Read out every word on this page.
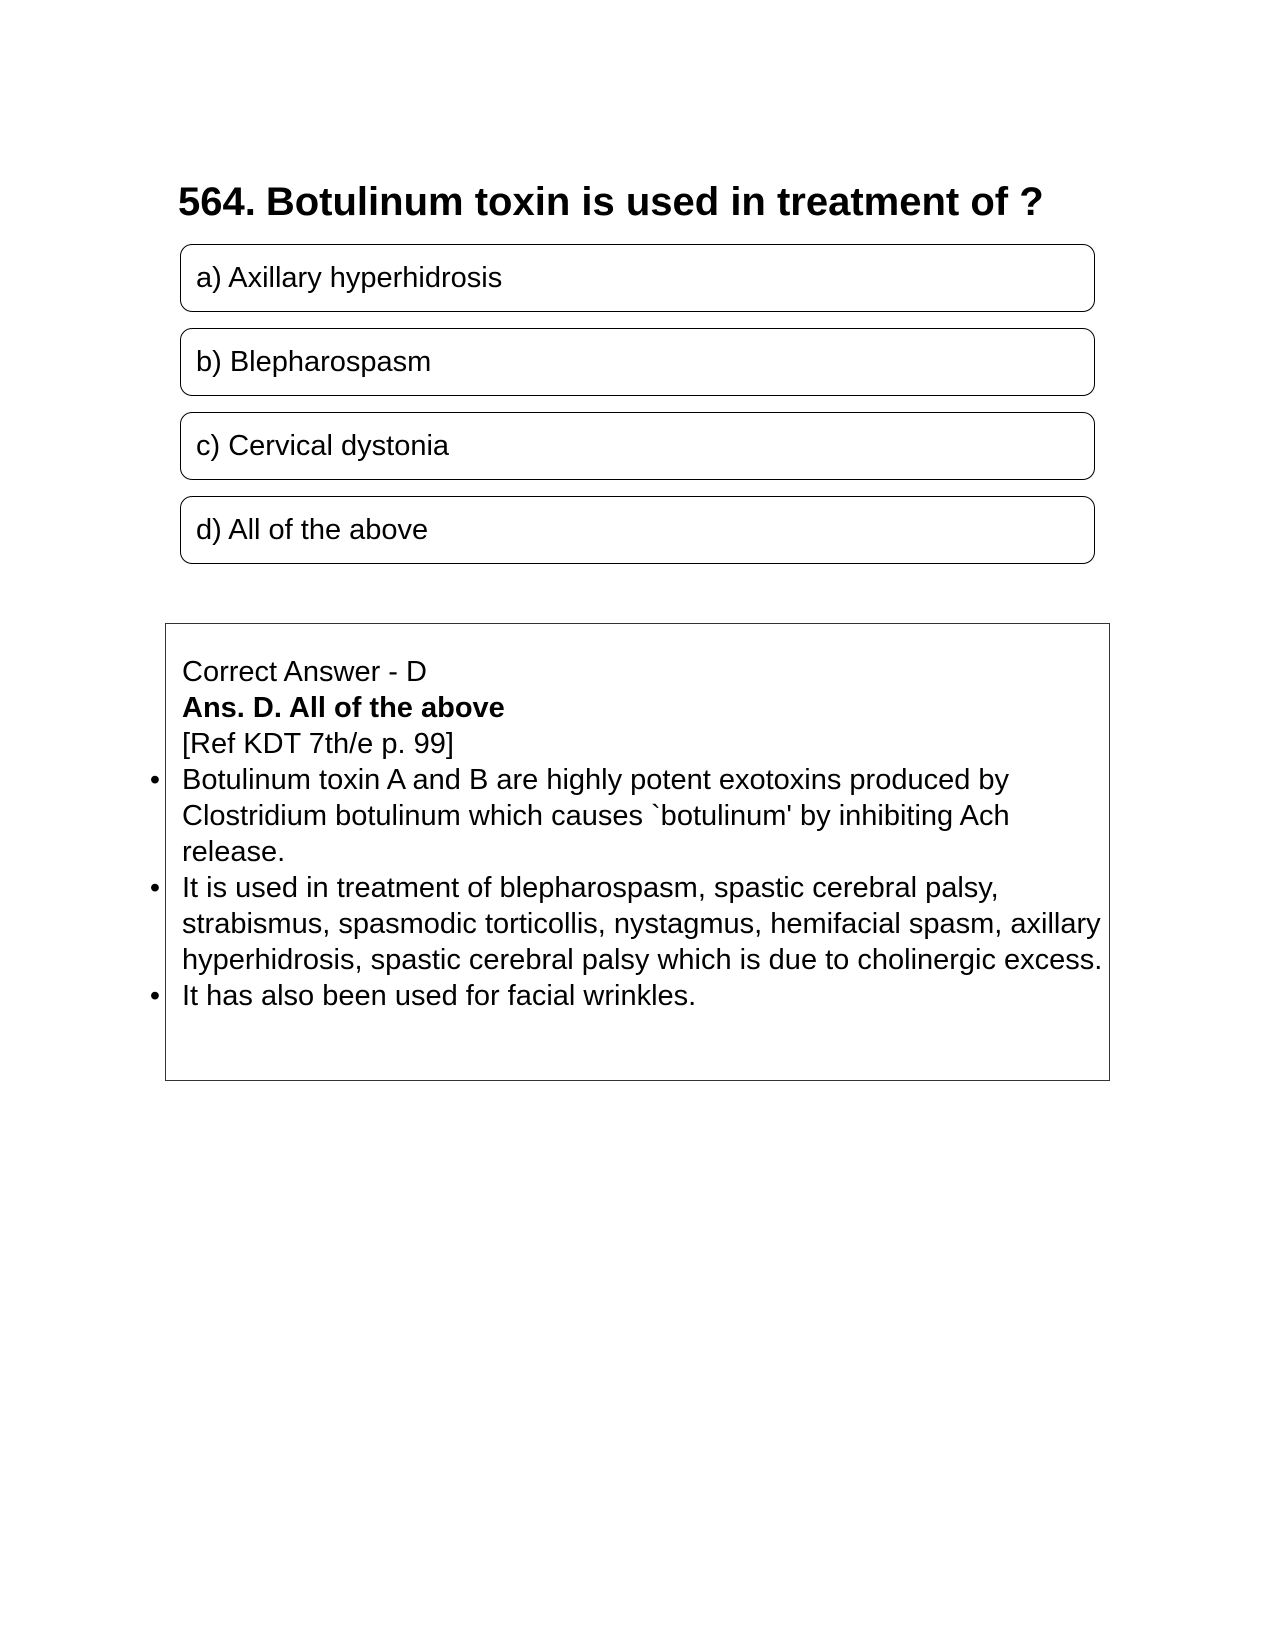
564. Botulinum toxin is used in treatment of ?
a) Axillary hyperhidrosis
b) Blepharospasm
c) Cervical dystonia
d) All of the above

Correct Answer - D

Ans. D. All of the above

[Ref KDT 7th/e p. 99]

• Botulinum toxin A and B are highly potent exotoxins produced by Clostridium botulinum which causes `botulinum' by inhibiting Ach release.
• It is used in treatment of blepharospasm, spastic cerebral palsy, strabismus, spasmodic torticollis, nystagmus, hemifacial spasm, axillary hyperhidrosis, spastic cerebral palsy which is due to cholinergic excess.
• It has also been used for facial wrinkles.
